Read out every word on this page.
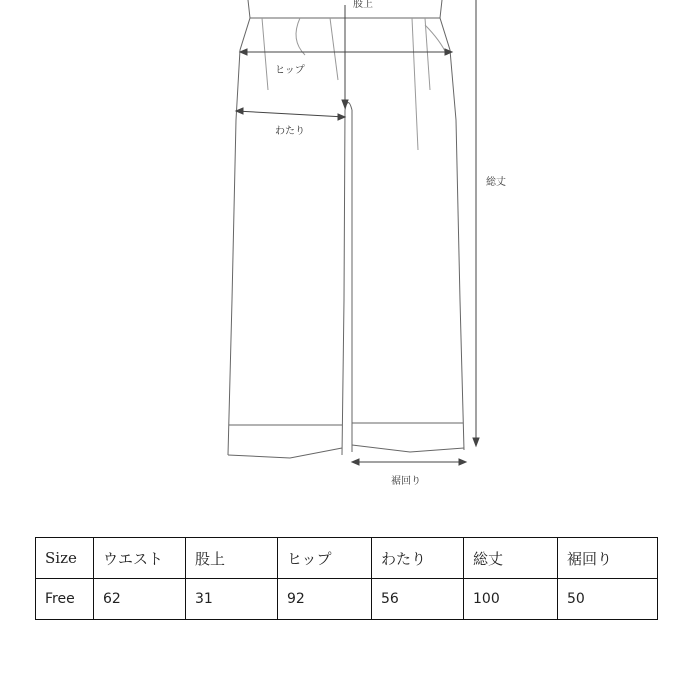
股上
ヒップ
わたり
総丈
裾回り
Size	ウエスト	股上	ヒップ	わたり	総丈	裾回り
Free	62	31	92	56	100	50
